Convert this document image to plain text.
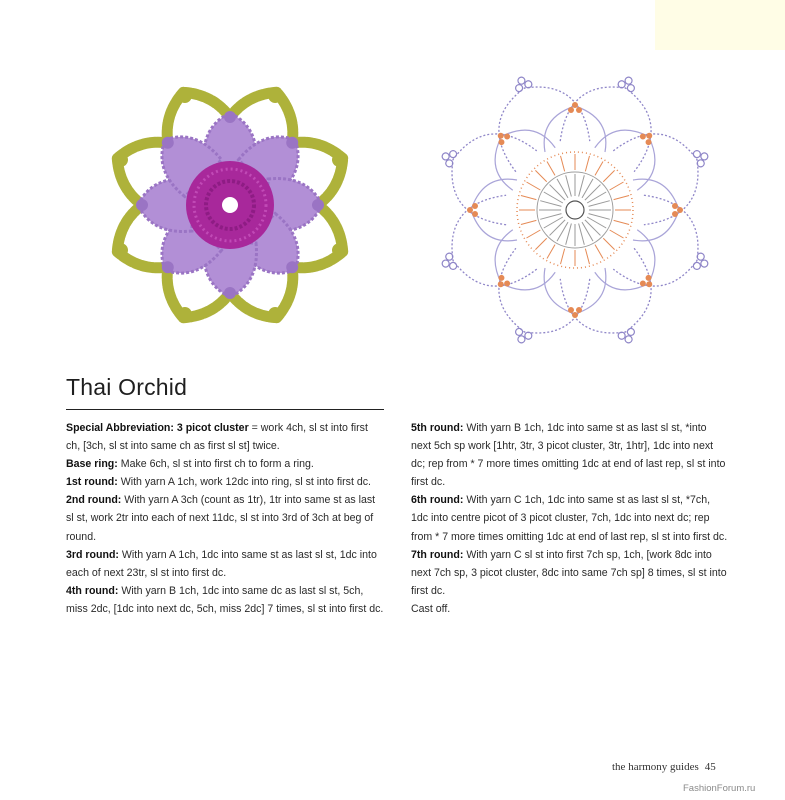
Thai Orchid

Special Abbreviation: 3 picot cluster = work 4ch, sl st into first ch, [3ch, sl st into same ch as first sl st] twice.

Base ring: Make 6ch, sl st into first ch to form a ring.

1st round: With yarn A 1ch, work 12dc into ring, sl st into first dc.

2nd round: With yarn A 3ch (count as 1tr), 1tr into same st as last sl st, work 2tr into each of next 11dc, sl st into 3rd of 3ch at beg of round.

3rd round: With yarn A 1ch, 1dc into same st as last sl st, 1dc into each of next 23tr, sl st into first dc.

4th round: With yarn B 1ch, 1dc into same dc as last sl st, 5ch, miss 2dc, [1dc into next dc, 5ch, miss 2dc] 7 times, sl st into first dc.

5th round: With yarn B 1ch, 1dc into same st as last sl st, *into next 5ch sp work [1htr, 3tr, 3 picot cluster, 3tr, 1htr], 1dc into next dc; rep from * 7 more times omitting 1dc at end of last rep, sl st into first dc.

6th round: With yarn C 1ch, 1dc into same st as last sl st, *7ch, 1dc into centre picot of 3 picot cluster, 7ch, 1dc into next dc; rep from * 7 more times omitting 1dc at end of last rep, sl st into first dc.

7th round: With yarn C sl st into first 7ch sp, 1ch, [work 8dc into next 7ch sp, 3 picot cluster, 8dc into same 7ch sp] 8 times, sl st into first dc.

Cast off.

the harmony guides 45
FashionForum.ru
